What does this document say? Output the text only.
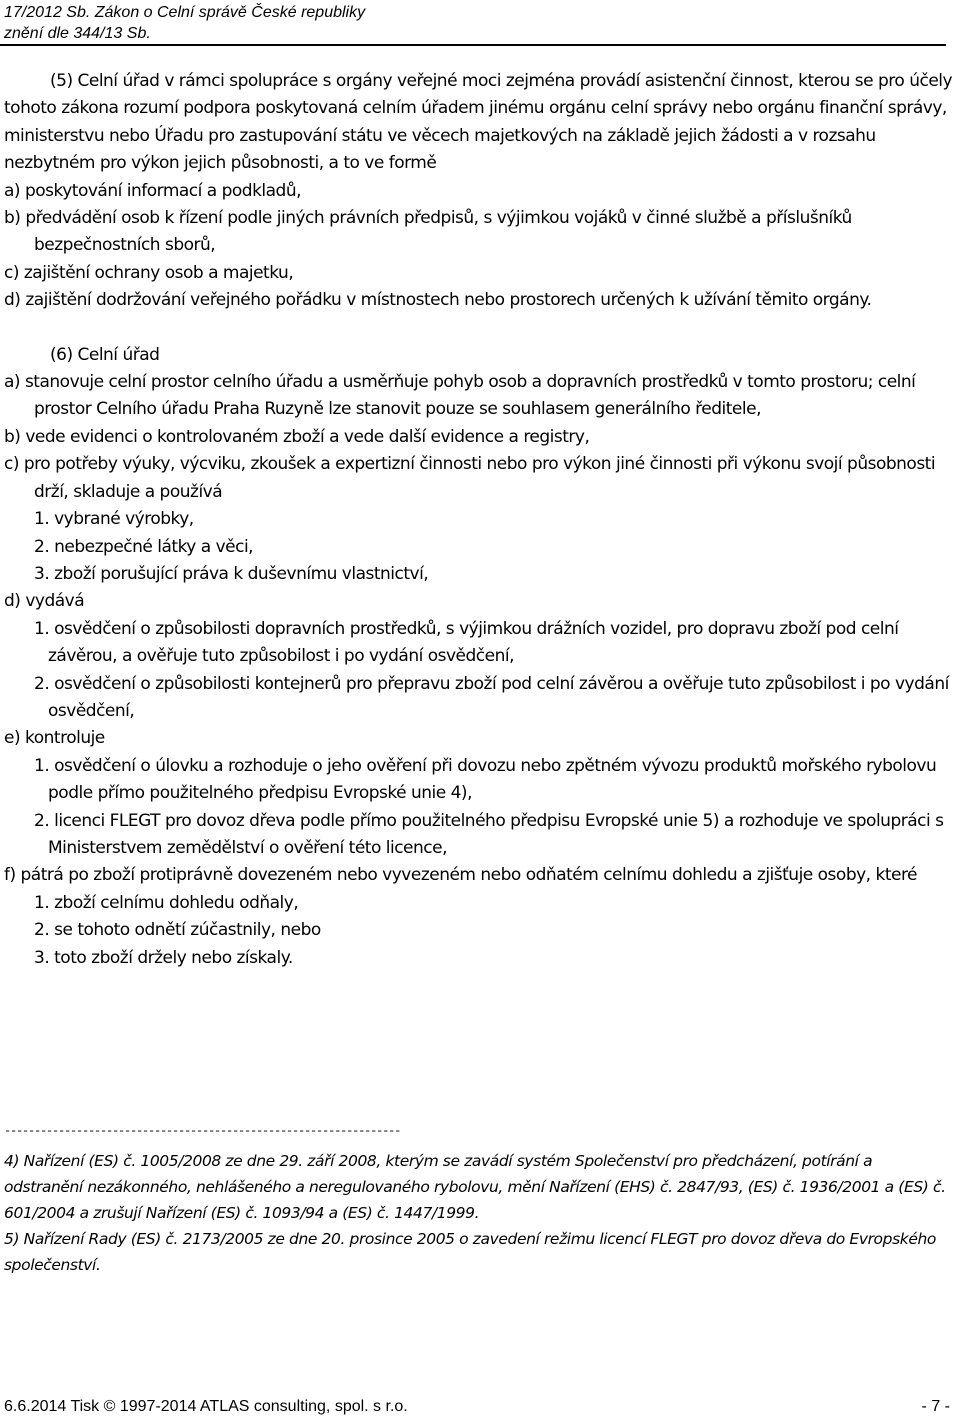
17/2012 Sb. Zákon o Celní správě České republiky
znění dle 344/13 Sb.

(5) Celní úřad v rámci spolupráce s orgány veřejné moci zejména provádí asistenční činnost, kterou se pro účely tohoto zákona rozumí podpora poskytovaná celním úřadem jinému orgánu celní správy nebo orgánu finanční správy, ministerstvu nebo Úřadu pro zastupování státu ve věcech majetkových na základě jejich žádosti a v rozsahu nezbytném pro výkon jejich působnosti, a to ve formě

a) poskytování informací a podkladů,

b) předvádění osob k řízení podle jiných právních předpisů, s výjimkou vojáků v činné službě a příslušníků bezpečnostních sborů,

c) zajištění ochrany osob a majetku,

d) zajištění dodržování veřejného pořádku v místnostech nebo prostorech určených k užívání těmito orgány.

(6) Celní úřad

a) stanovuje celní prostor celního úřadu a usměrňuje pohyb osob a dopravních prostředků v tomto prostoru; celní prostor Celního úřadu Praha Ruzyně lze stanovit pouze se souhlasem generálního ředitele,

b) vede evidenci o kontrolovaném zboží a vede další evidence a registry,

c) pro potřeby výuky, výcviku, zkoušek a expertizní činnosti nebo pro výkon jiné činnosti při výkonu svojí působnosti drží, skladuje a používá

1. vybrané výrobky,

2. nebezpečné látky a věci,

3. zboží porušující práva k duševnímu vlastnictví,

d) vydává

1. osvědčení o způsobilosti dopravních prostředků, s výjimkou drážních vozidel, pro dopravu zboží pod celní závěrou, a ověřuje tuto způsobilost i po vydání osvědčení,

2. osvědčení o způsobilosti kontejnerů pro přepravu zboží pod celní závěrou a ověřuje tuto způsobilost i po vydání osvědčení,

e) kontroluje

1. osvědčení o úlovku a rozhoduje o jeho ověření při dovozu nebo zpětném vývozu produktů mořského rybolovu podle přímo použitelného předpisu Evropské unie 4),

2. licenci FLEGT pro dovoz dřeva podle přímo použitelného předpisu Evropské unie 5) a rozhoduje ve spolupráci s Ministerstvem zemědělství o ověření této licence,

f) pátrá po zboží protiprávně dovezeném nebo vyvezeném nebo odňatém celnímu dohledu a zjišťuje osoby, které

1. zboží celnímu dohledu odňaly,

2. se tohoto odnětí zúčastnily, nebo

3. toto zboží držely nebo získaly.

------------------------------------------------------------------

4) Nařízení (ES) č. 1005/2008 ze dne 29. září 2008, kterým se zavádí systém Společenství pro předcházení, potírání a odstranění nezákonného, nehlášeného a neregulovaného rybolovu, mění Nařízení (EHS) č. 2847/93, (ES) č. 1936/2001 a (ES) č. 601/2004 a zrušují Nařízení (ES) č. 1093/94 a (ES) č. 1447/1999.

5) Nařízení Rady (ES) č. 2173/2005 ze dne 20. prosince 2005 o zavedení režimu licencí FLEGT pro dovoz dřeva do Evropského společenství.

6.6.2014 Tisk © 1997-2014 ATLAS consulting, spol. s r.o.	- 7 -
